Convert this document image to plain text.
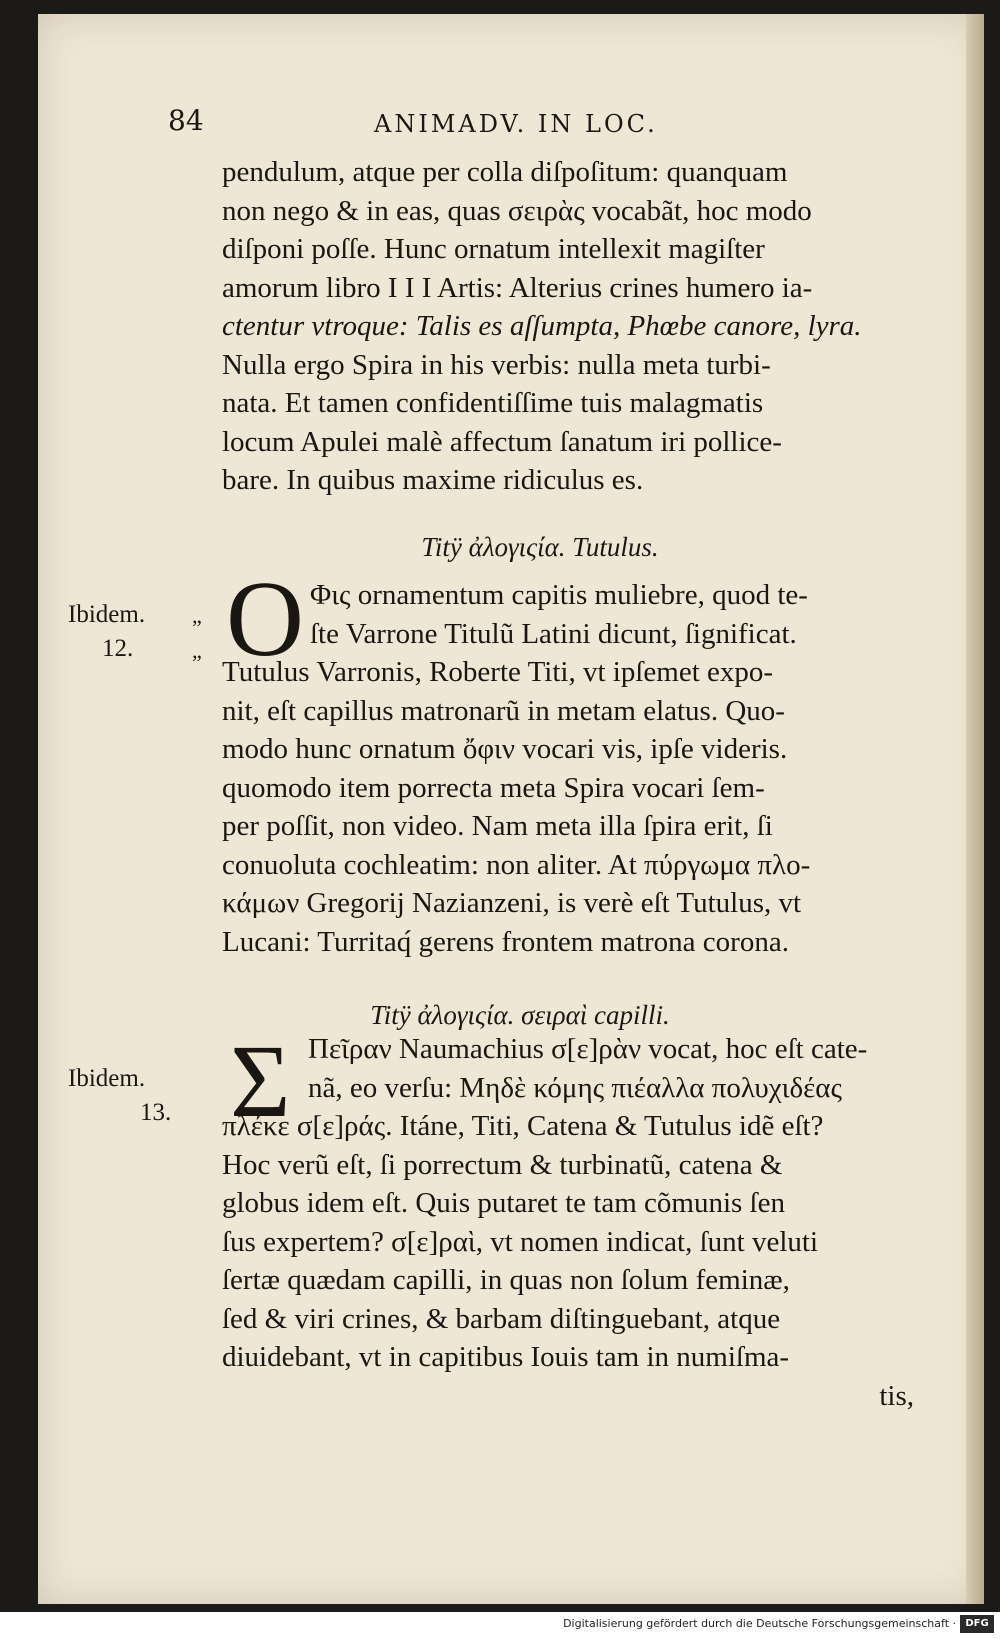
84	ANIMADV. IN LOC.
pendulum, atque per colla diſpoſitum: quanquam
non nego & in eas, quas σειρὰς vocabãt, hoc modo
diſponi poſſe. Hunc ornatum intellexit magiſter
amorum libro I I I Artis: Alterius crines humero ia-
ctentur vtroque: Talis es aſſumpta, Phœbe canore, lyra.
Nulla ergo Spira in his verbis: nulla meta turbi-
nata. Et tamen confidentiſſime tuis malagmatis
locum Apulei malè affectum ſanatum iri pollice-
bare. In quibus maxime ridiculus es.
Titÿ ἀλογιςία. Tutulus.
Ibidem.
12.
„
„ O Φις ornamentum capitis muliebre, quod te-
ſte Varrone Titulũ Latini dicunt, ſignificat.
Tutulus Varronis, Roberte Titi, vt ipſemet expo-
nit, eſt capillus matronarũ in metam elatus. Quo-
modo hunc ornatum ὄφιν vocari vis, ipſe videris.
quomodo item porrecta meta Spira vocari ſem-
per poſſit, non video. Nam meta illa ſpira erit, ſi
conuoluta cochleatim: non aliter. At πύργωμα πλο-
κάμων Gregorij Nazianzeni, is verè eſt Tutulus, vt
Lucani: Turritaq́ gerens frontem matrona corona.
Titÿ ἀλογιςία. σειραὶ capilli.
Ibidem.
13. Σ Πεῖραν Naumachius σ[ε]ρὰν vocat, hoc eſt cate-
nã, eo verſu: Μηδὲ κόμης πιέαλλα πολυχιδέας
πλέκε σ[ε]ράς. Itáne, Titi, Catena & Tutulus idẽ eſt?
Hoc verũ eſt, ſi porrectum & turbinatũ, catena &
globus idem eſt. Quis putaret te tam cõmunis ſen
ſus expertem? σ[ε]ραὶ, vt nomen indicat, ſunt veluti
ſertæ quædam capilli, in quas non ſolum feminæ,
ſed & viri crines, & barbam diſtinguebant, atque
diuidebant, vt in capitibus Iouis tam in numiſma-
tis,
Digitalisierung gefördert durch die Deutsche Forschungsgemeinschaft · DFG
